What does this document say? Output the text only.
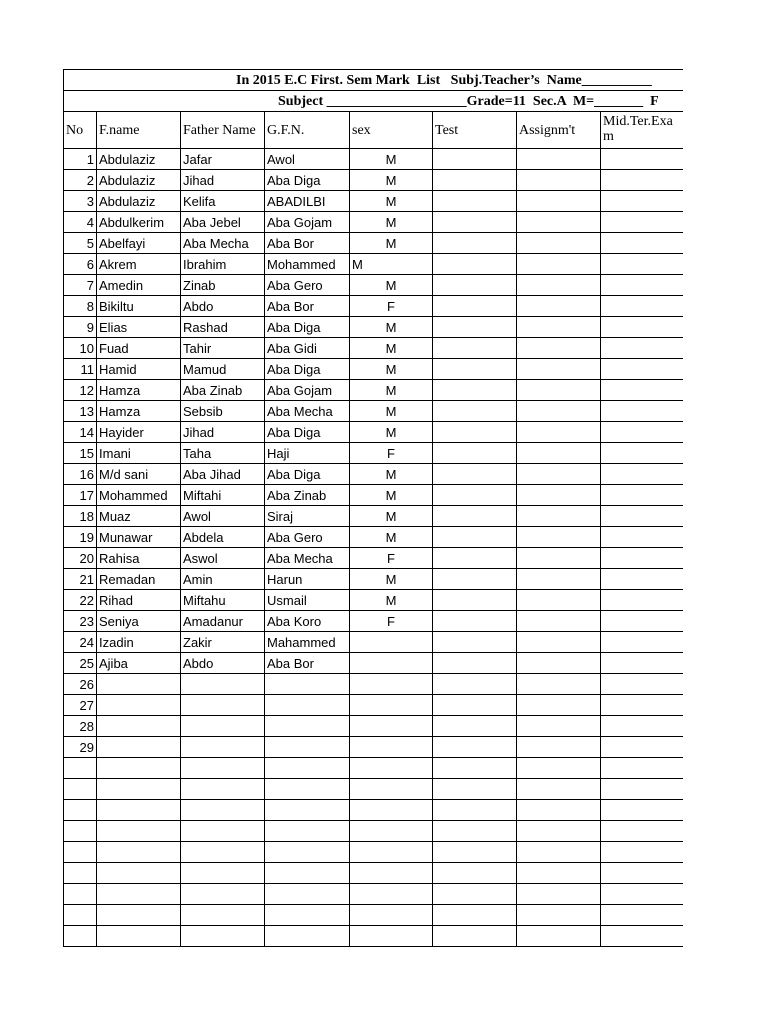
In 2015 E.C First. Sem Mark  List   Subj.Teacher’s  Name__________							

Subject ____________________Grade=11  Sec.A  M=_______  F							

No	F.name	Father Name	G.F.N.	sex	Test	Assignm't	Mid.Ter.Exa m
1	Abdulaziz	Jafar	Awol	M			
2	Abdulaziz	Jihad	Aba Diga	M			
3	Abdulaziz	Kelifa	ABADILBI	M			
4	Abdulkerim	Aba Jebel	Aba Gojam	M			
5	Abelfayi	Aba Mecha	Aba Bor	M			
6	Akrem	Ibrahim	Mohammed	M			
7	Amedin	Zinab	Aba Gero	M			
8	Bikiltu	Abdo	Aba Bor	F			
9	Elias	Rashad	Aba Diga	M			
10	Fuad	Tahir	Aba Gidi	M			
11	Hamid	Mamud	Aba Diga	M			
12	Hamza	Aba Zinab	Aba Gojam	M			
13	Hamza	Sebsib	Aba Mecha	M			
14	Hayider	Jihad	Aba Diga	M			
15	Imani	Taha	Haji	F			
16	M/d sani	Aba Jihad	Aba Diga	M			
17	Mohammed	Miftahi	Aba Zinab	M			
18	Muaz	Awol	Siraj	M			
19	Munawar	Abdela	Aba Gero	M			
20	Rahisa	Aswol	Aba Mecha	F			
21	Remadan	Amin	Harun	M			
22	Rihad	Miftahu	Usmail	M			
23	Seniya	Amadanur	Aba Koro	F			
24	Izadin	Zakir	Mahammed				
25	Ajiba	Abdo	Aba Bor				
26							
27							
28							
29							
